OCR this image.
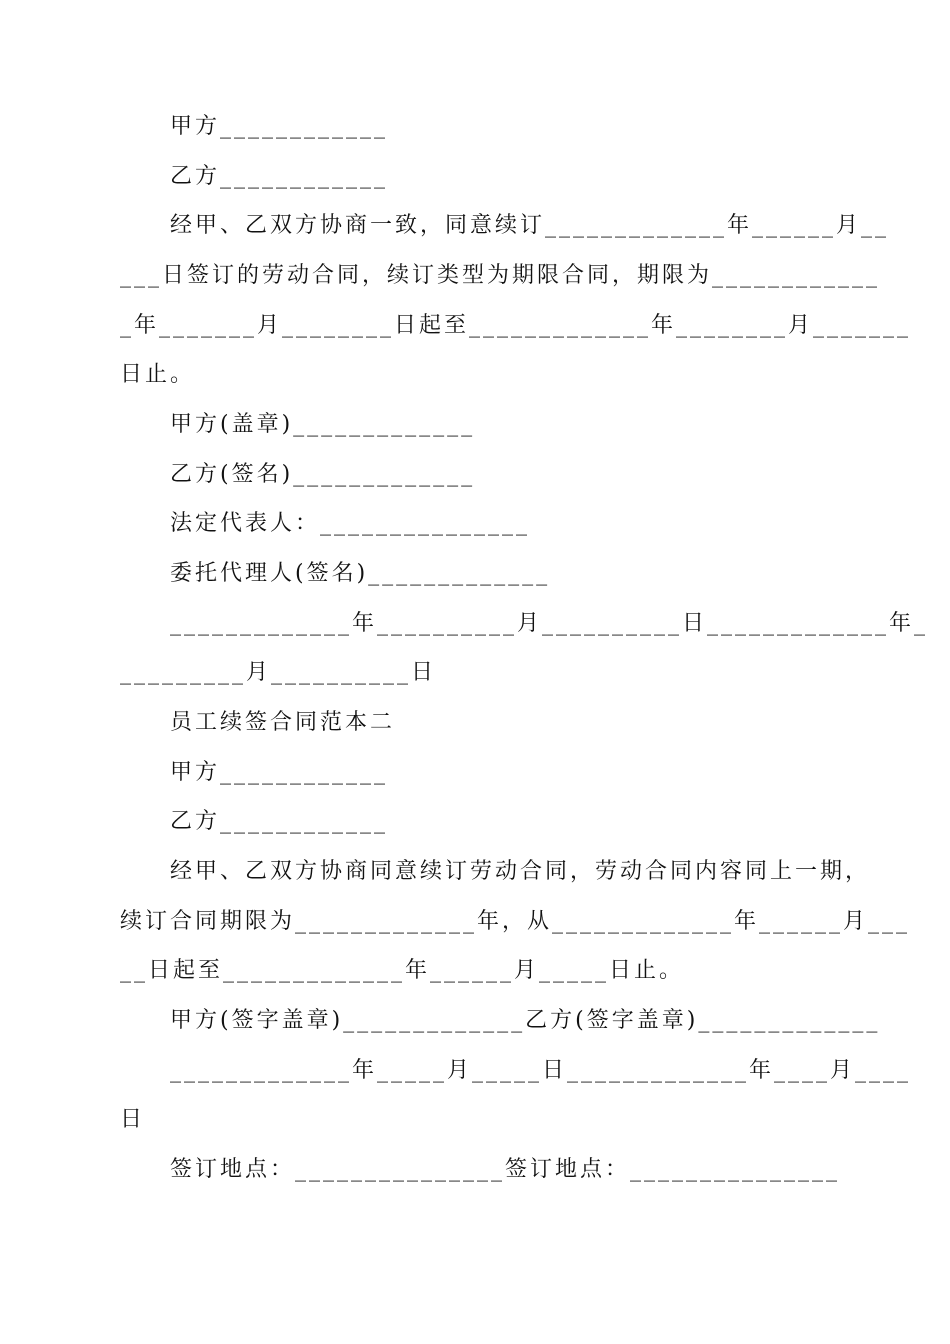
甲方____________
乙方____________
经甲、乙双方协商一致，同意续订_____________年______月__
___日签订的劳动合同，续订类型为期限合同，期限为____________
_年_______月________日起至_____________年________月_______
日止。
甲方(盖章)_____________
乙方(签名)_____________
法定代表人：_______________
委托代理人(签名)_____________
_____________年__________月__________日_____________年_
_________月__________日
员工续签合同范本二
甲方____________
乙方____________
经甲、乙双方协商同意续订劳动合同，劳动合同内容同上一期，
续订合同期限为_____________年，从_____________年______月___
__日起至_____________年______月_____日止。
甲方(签字盖章)_____________乙方(签字盖章)_____________
_____________年_____月_____日_____________年____月____
日
签订地点：_______________签订地点：_______________
